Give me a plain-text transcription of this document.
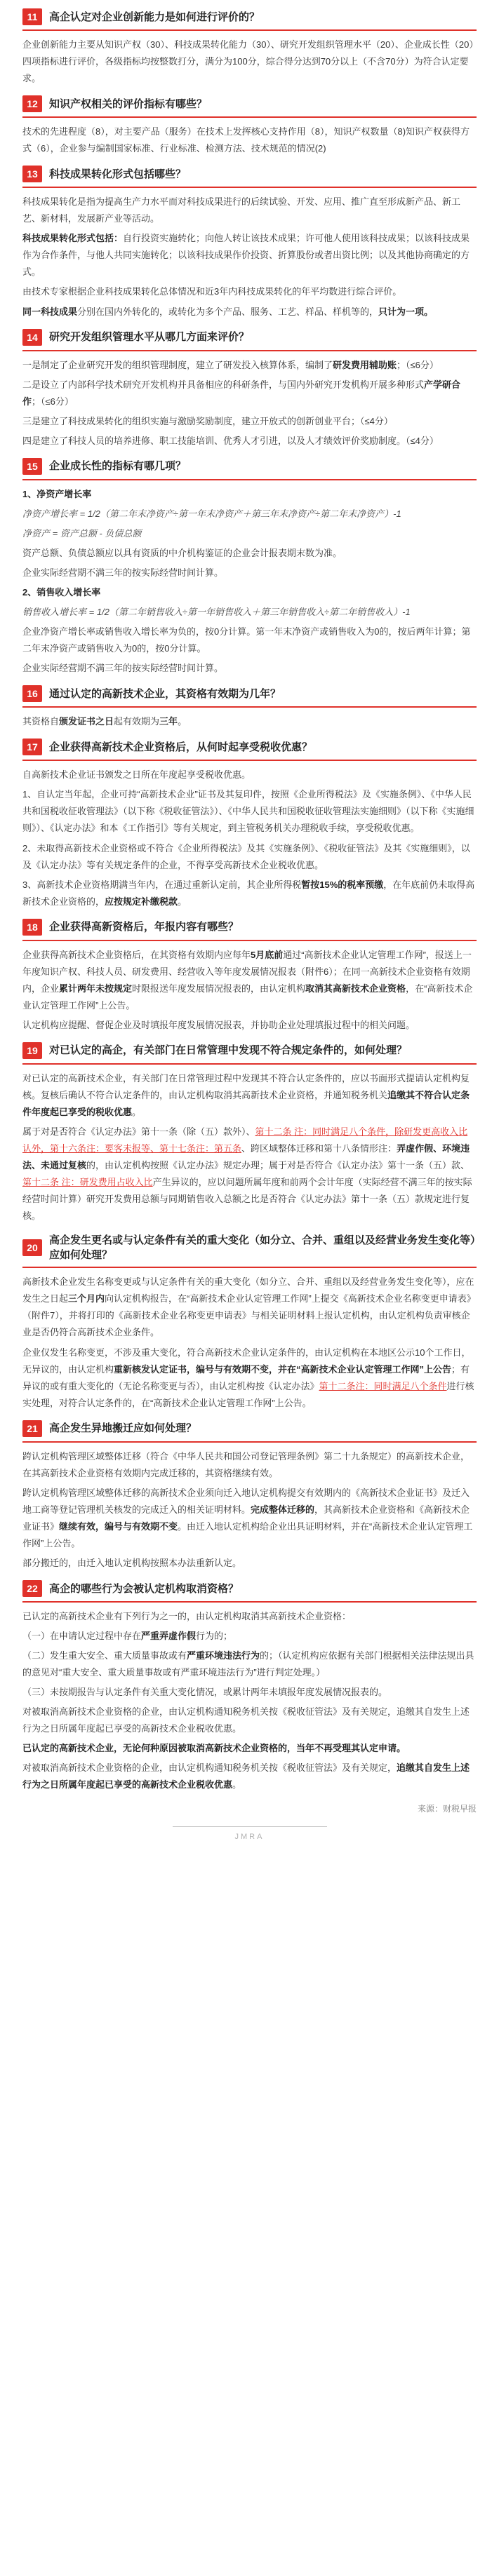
11	高企认定对企业创新能力是如何进行评价的？

企业创新能力主要从知识产权（30）、科技成果转化能力（30）、研究开发组织管理水平（20）、企业成长性（20）四项指标进行评价，各级指标均按整数打分，满分为100分，综合得分达到70分以上（不含70分）为符合认定要求。

12	知识产权相关的评价指标有哪些？

技术的先进程度（8），对主要产品（服务）在技术上发挥核心支持作用（8），知识产权数量（8)知识产权获得方式（6），企业参与编制国家标准、行业标准、检测方法、技术规范的情况(2)

13	科技成果转化形式包括哪些？

科技成果转化是指为提高生产力水平而对科技成果进行的后续试验、开发、应用、推广直至形成新产品、新工艺、新材料，发展新产业等活动。

科技成果转化形式包括：自行投资实施转化；向他人转让该技术成果；许可他人使用该科技成果；以该科技成果作为合作条件，与他人共同实施转化；以该科技成果作价投资、折算股份或者出资比例；以及其他协商确定的方式。

由技术专家根据企业科技成果转化总体情况和近3年内科技成果转化的年平均数进行综合评价。

同一科技成果分别在国内外转化的，或转化为多个产品、服务、工艺、样品、样机等的，只计为一项。

14	研究开发组织管理水平从哪几方面来评价？

一是制定了企业研究开发的组织管理制度，建立了研发投入核算体系，编制了研发费用辅助账；（≤6分）

二是设立了内部科学技术研究开发机构并具备相应的科研条件，与国内外研究开发机构开展多种形式产学研合作；（≤6分）

三是建立了科技成果转化的组织实施与激励奖励制度，建立开放式的创新创业平台；（≤4分）

四是建立了科技人员的培养进修、职工技能培训、优秀人才引进，以及人才绩效评价奖励制度。（≤4分）

15	企业成长性的指标有哪几项？

1、净资产增长率

净资产增长率 = 1/2（第二年末净资产÷第一年末净资产＋第三年末净资产÷第二年末净资产）-1

净资产 = 资产总额 - 负债总额

资产总额、负债总额应以具有资质的中介机构鉴证的企业会计报表期末数为准。

企业实际经营期不满三年的按实际经营时间计算。

2、销售收入增长率

销售收入增长率 = 1/2（第二年销售收入÷第一年销售收入＋第三年销售收入÷第二年销售收入）-1

企业净资产增长率或销售收入增长率为负的，按0分计算。第一年末净资产或销售收入为0的，按后两年计算；第二年末净资产或销售收入为0的，按0分计算。

企业实际经营期不满三年的按实际经营时间计算。

16	通过认定的高新技术企业，其资格有效期为几年？

其资格自颁发证书之日起有效期为三年。

17	企业获得高新技术企业资格后，从何时起享受税收优惠？

自高新技术企业证书颁发之日所在年度起享受税收优惠。

1、自认定当年起，企业可持“高新技术企业”证书及其复印件，按照《企业所得税法》及《实施条例》、《中华人民共和国税收征收管理法》（以下称《税收征管法》）、《中华人民共和国税收征收管理法实施细则》（以下称《实施细则》）、《认定办法》和本《工作指引》等有关规定，到主管税务机关办理税收手续，享受税收优惠。

2、未取得高新技术企业资格或不符合《企业所得税法》及其《实施条例》、《税收征管法》及其《实施细则》，以及《认定办法》等有关规定条件的企业，不得享受高新技术企业税收优惠。

3、高新技术企业资格期满当年内，在通过重新认定前，其企业所得税暂按15%的税率预缴，在年底前仍未取得高新技术企业资格的，应按规定补缴税款。

18	企业获得高新资格后，年报内容有哪些？

企业获得高新技术企业资格后，在其资格有效期内应每年5月底前通过“高新技术企业认定管理工作网”，报送上一年度知识产权、科技人员、研发费用、经营收入等年度发展情况报表（附件6）；在同一高新技术企业资格有效期内，企业累计两年未按规定时限报送年度发展情况报表的，由认定机构取消其高新技术企业资格，在“高新技术企业认定管理工作网”上公告。

认定机构应提醒、督促企业及时填报年度发展情况报表，并协助企业处理填报过程中的相关问题。

19	对已认定的高企，有关部门在日常管理中发现不符合规定条件的，如何处理？

对已认定的高新技术企业，有关部门在日常管理过程中发现其不符合认定条件的，应以书面形式提请认定机构复核。复核后确认不符合认定条件的，由认定机构取消其高新技术企业资格，并通知税务机关追缴其不符合认定条件年度起已享受的税收优惠。

属于对是否符合《认定办法》第十一条（除（五）款外）、第十二条 注：同时满足八个条件，除研发更高收入比认外，第十六条注：要客未报等、第十七条注：第五条、跨区域整体迁移和第十八条情形注：弄虚作假、环境违法、未通过复核的，由认定机构按照《认定办法》规定办理；属于对是否符合《认定办法》第十一条（五）款、第十二条 注：研发费用占收入比产生异议的，应以问题所属年度和前两个会计年度（实际经营不满三年的按实际经营时间计算）研究开发费用总额与同期销售收入总额之比是否符合《认定办法》第十一条（五）款规定进行复核。

20
高企发生更名或与认定条件有关的重大变化（如分立、合并、重组以及经营业务发生变化等）应如何处理？

高新技术企业发生名称变更或与认定条件有关的重大变化（如分立、合并、重组以及经营业务发生变化等），应在发生之日起三个月内向认定机构报告，在“高新技术企业认定管理工作网”上提交《高新技术企业名称变更申请表》（附件7），并将打印的《高新技术企业名称变更申请表》与相关证明材料上报认定机构，由认定机构负责审核企业是否仍符合高新技术企业条件。

企业仅发生名称变更，不涉及重大变化，符合高新技术企业认定条件的，由认定机构在本地区公示10个工作日，无异议的，由认定机构重新核发认定证书，编号与有效期不变，并在“高新技术企业认定管理工作网”上公告；有异议的或有重大变化的（无论名称变更与否），由认定机构按《认定办法》第十二条注：同时满足八个条件进行核实处理，对符合认定条件的，在“高新技术企业认定管理工作网”上公告。

21	高企发生异地搬迁应如何处理？

跨认定机构管理区域整体迁移（符合《中华人民共和国公司登记管理条例》第二十九条规定）的高新技术企业，在其高新技术企业资格有效期内完成迁移的，其资格继续有效。

跨认定机构管理区域整体迁移的高新技术企业须向迁入地认定机构提交有效期内的《高新技术企业证书》及迁入地工商等登记管理机关核发的完成迁入的相关证明材料。完成整体迁移的，其高新技术企业资格和《高新技术企业证书》继续有效，编号与有效期不变。由迁入地认定机构给企业出具证明材料，并在“高新技术企业认定管理工作网”上公告。

部分搬迁的，由迁入地认定机构按照本办法重新认定。

22	高企的哪些行为会被认定机构取消资格？

已认定的高新技术企业有下列行为之一的，由认定机构取消其高新技术企业资格：

（一）在申请认定过程中存在严重弄虚作假行为的；

（二）发生重大安全、重大质量事故或有严重环境违法行为的；（认定机构应依据有关部门根据相关法律法规出具的意见对“重大安全、重大质量事故或有严重环境违法行为”进行判定处理。）

（三）未按期报告与认定条件有关重大变化情况，或累计两年未填报年度发展情况报表的。

对被取消高新技术企业资格的企业，由认定机构通知税务机关按《税收征管法》及有关规定，追缴其自发生上述行为之日所属年度起已享受的高新技术企业税收优惠。

已认定的高新技术企业，无论何种原因被取消高新技术企业资格的，当年不再受理其认定申请。

对被取消高新技术企业资格的企业，由认定机构通知税务机关按《税收征管法》及有关规定，追缴其自发生上述行为之日所属年度起已享受的高新技术企业税收优惠。

来源：财税早报
JMRA
